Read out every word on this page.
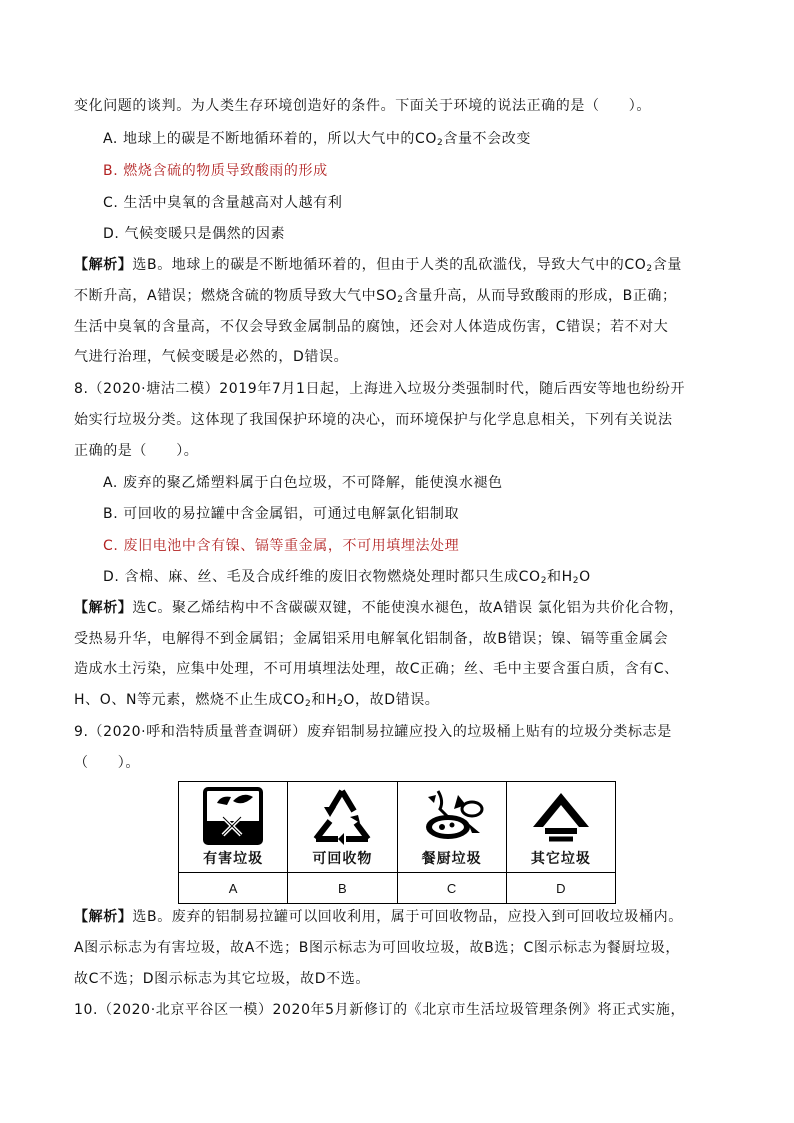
变化问题的谈判。为人类生存环境创造好的条件。下面关于环境的说法正确的是（　　）。
A. 地球上的碳是不断地循环着的，所以大气中的$CO_2$含量不会改变
B. 燃烧含硫的物质导致酸雨的形成
C. 生活中臭氧的含量越高对人越有利
D. 气候变暖只是偶然的因素
【解析】选B。地球上的碳是不断地循环着的，但由于人类的乱砍滥伐，导致大气中的$CO_2$含量
不断升高，A错误；燃烧含硫的物质导致大气中$SO_2$含量升高，从而导致酸雨的形成，B正确；
生活中臭氧的含量高，不仅会导致金属制品的腐蚀，还会对人体造成伤害，C错误；若不对大
气进行治理，气候变暖是必然的，D错误。
8.（2020·塘沽二模）2019年7月1日起，上海进入垃圾分类强制时代，随后西安等地也纷纷开
始实行垃圾分类。这体现了我国保护环境的决心，而环境保护与化学息息相关，下列有关说法
正确的是（　　）。
A. 废弃的聚乙烯塑料属于白色垃圾，不可降解，能使溴水褪色
B. 可回收的易拉罐中含金属铝，可通过电解氯化铝制取
C. 废旧电池中含有镍、镉等重金属，不可用填埋法处理
D. 含棉、麻、丝、毛及合成纤维的废旧衣物燃烧处理时都只生成$CO_2$和$H_2O$
【解析】选C。聚乙烯结构中不含碳碳双键，不能使溴水褪色，故A错误 氯化铝为共价化合物，
受热易升华，电解得不到金属铝；金属铝采用电解氧化铝制备，故B错误；镍、镉等重金属会
造成水土污染，应集中处理，不可用填埋法处理，故C正确；丝、毛中主要含蛋白质，含有C、
H、O、N等元素，燃烧不止生成$CO_2$和$H_2O$，故D错误。
9.（2020·呼和浩特质量普查调研）废弃铝制易拉罐应投入的垃圾桶上贴有的垃圾分类标志是
（　　）。
有害垃圾	可回收物	餐厨垃圾	其它垃圾

A	B	C	D
【解析】选B。废弃的铝制易拉罐可以回收利用，属于可回收物品，应投入到可回收垃圾桶内。
A图示标志为有害垃圾，故A不选；B图示标志为可回收垃圾，故B选；C图示标志为餐厨垃圾，
故C不选；D图示标志为其它垃圾，故D不选。
10.（2020·北京平谷区一模）2020年5月新修订的《北京市生活垃圾管理条例》将正式实施，
